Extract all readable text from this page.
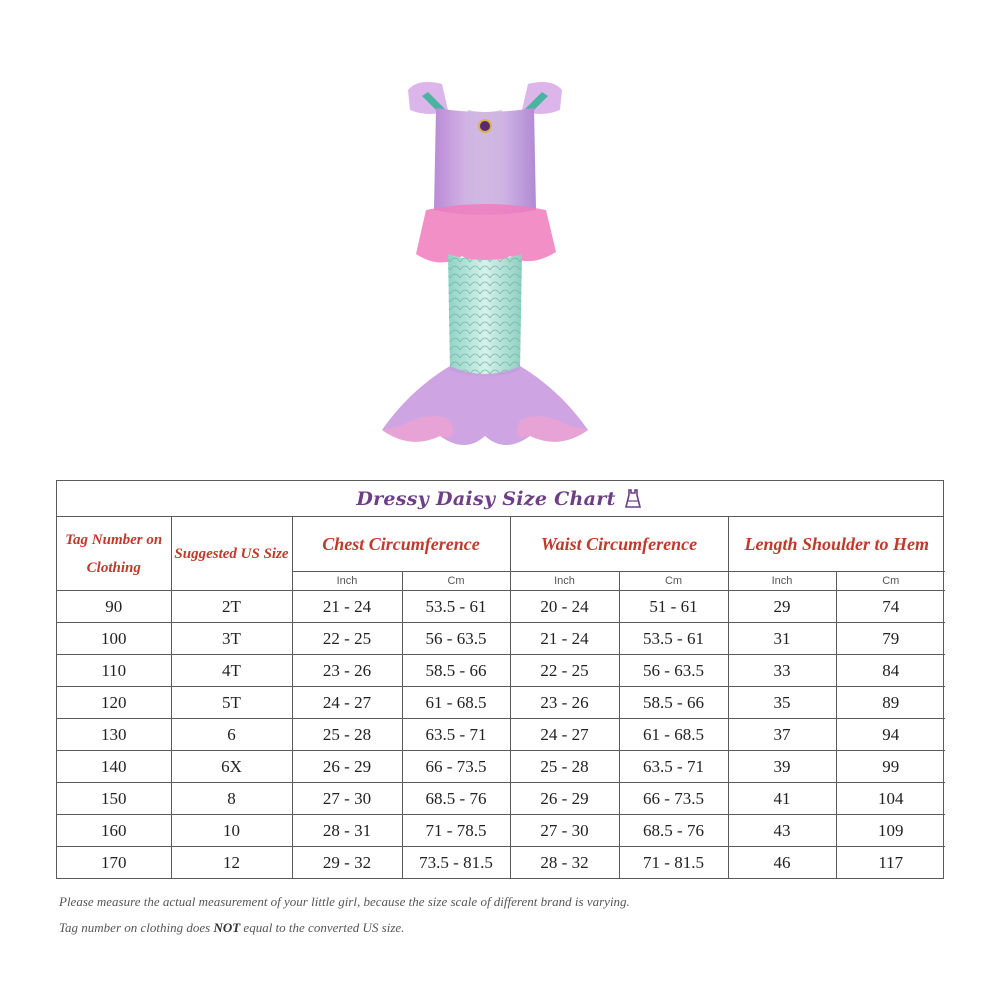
Dressy Daisy Size Chart
Tag Number on Clothing	Suggested US Size	Chest Circumference		Waist Circumference		Length Shoulder to Hem	
		Inch	Cm	Inch	Cm	Inch	Cm
90	2T	21 - 24	53.5 - 61	20 - 24	51 - 61	29	74
100	3T	22 - 25	56 - 63.5	21 - 24	53.5 - 61	31	79
110	4T	23 - 26	58.5 - 66	22 - 25	56 - 63.5	33	84
120	5T	24 - 27	61 - 68.5	23 - 26	58.5 - 66	35	89
130	6	25 - 28	63.5 - 71	24 - 27	61 - 68.5	37	94
140	6X	26 - 29	66 - 73.5	25 - 28	63.5 - 71	39	99
150	8	27 - 30	68.5 - 76	26 - 29	66 - 73.5	41	104
160	10	28 - 31	71 - 78.5	27 - 30	68.5 - 76	43	109
170	12	29 - 32	73.5 - 81.5	28 - 32	71 - 81.5	46	117

Please measure the actual measurement of your little girl, because the size scale of different brand is varying.

Tag number on clothing does NOT equal to the converted US size.
